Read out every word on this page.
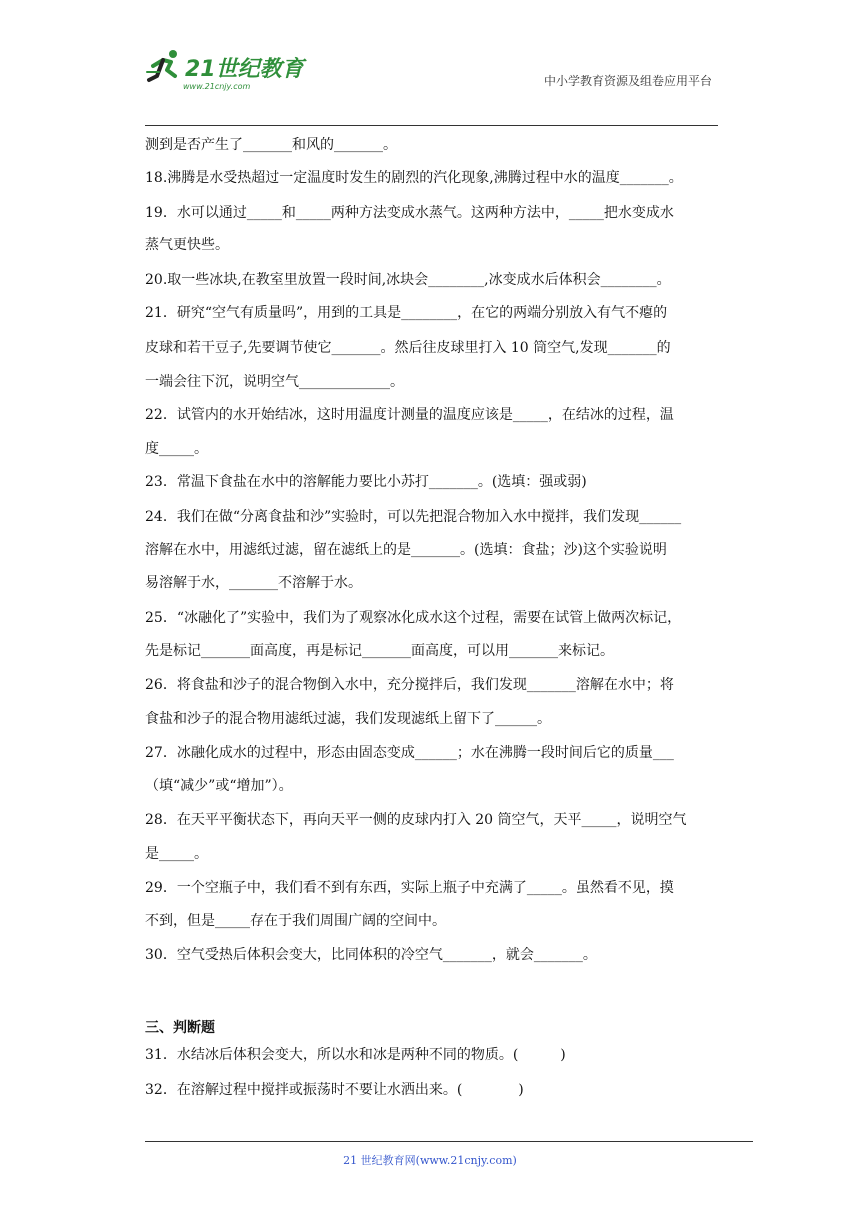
21世纪教育
www.21cnjy.com	中小学教育资源及组卷应用平台
测到是否产生了_______和风的_______。
18.沸腾是水受热超过一定温度时发生的剧烈的汽化现象,沸腾过程中水的温度_______。
19．水可以通过_____和_____两种方法变成水蒸气。这两种方法中，_____把水变成水
蒸气更快些。
20.取一些冰块,在教室里放置一段时间,冰块会________,冰变成水后体积会________。
21．研究“空气有质量吗”，用到的工具是________，在它的两端分别放入有气不瘪的
皮球和若干豆子,先要调节使它_______。然后往皮球里打入 10 筒空气,发现_______的
一端会往下沉，说明空气_____________。
22．试管内的水开始结冰，这时用温度计测量的温度应该是_____，在结冰的过程，温
度_____。
23．常温下食盐在水中的溶解能力要比小苏打_______。(选填：强或弱)
24．我们在做“分离食盐和沙”实验时，可以先把混合物加入水中搅拌，我们发现______
溶解在水中，用滤纸过滤，留在滤纸上的是_______。(选填：食盐；沙)这个实验说明
易溶解于水，_______不溶解于水。
25．“冰融化了”实验中，我们为了观察冰化成水这个过程，需要在试管上做两次标记，
先是标记_______面高度，再是标记_______面高度，可以用_______来标记。
26．将食盐和沙子的混合物倒入水中，充分搅拌后，我们发现_______溶解在水中；将
食盐和沙子的混合物用滤纸过滤，我们发现滤纸上留下了______。
27．冰融化成水的过程中，形态由固态变成______；水在沸腾一段时间后它的质量___
（填“减少”或“增加”）。
28．在天平平衡状态下，再向天平一侧的皮球内打入 20 筒空气，天平_____，说明空气
是_____。
29．一个空瓶子中，我们看不到有东西，实际上瓶子中充满了_____。虽然看不见，摸
不到，但是_____存在于我们周围广阔的空间中。
30．空气受热后体积会变大，比同体积的冷空气_______，就会_______。
三、判断题
31．水结冰后体积会变大，所以水和冰是两种不同的物质。(　　　)
32．在溶解过程中搅拌或振荡时不要让水洒出来。(　　　　)
21 世纪教育网(www.21cnjy.com)
